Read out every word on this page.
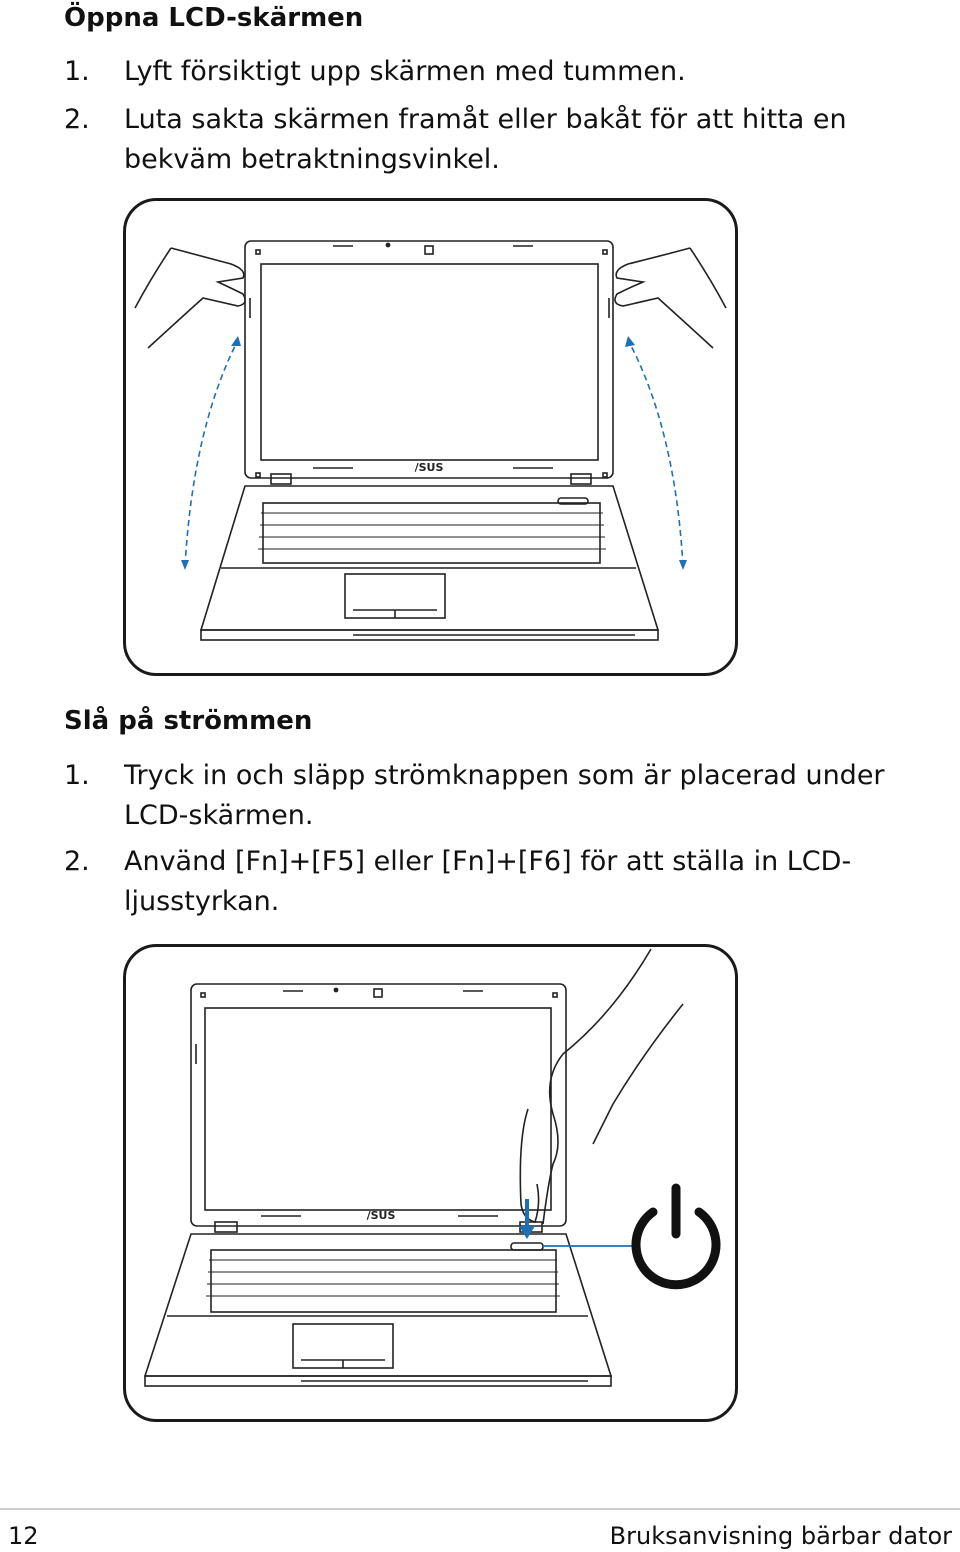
Öppna LCD-skärmen
1. Lyft försiktigt upp skärmen med tummen.
2. Luta sakta skärmen framåt eller bakåt för att hitta en bekväm betraktningsvinkel.
/SUS
Slå på strömmen
1. Tryck in och släpp strömknappen som är placerad under LCD-skärmen.
2. Använd [Fn]+[F5] eller [Fn]+[F6] för att ställa in LCD-ljusstyrkan.
/SUS
12	Bruksanvisning bärbar dator
